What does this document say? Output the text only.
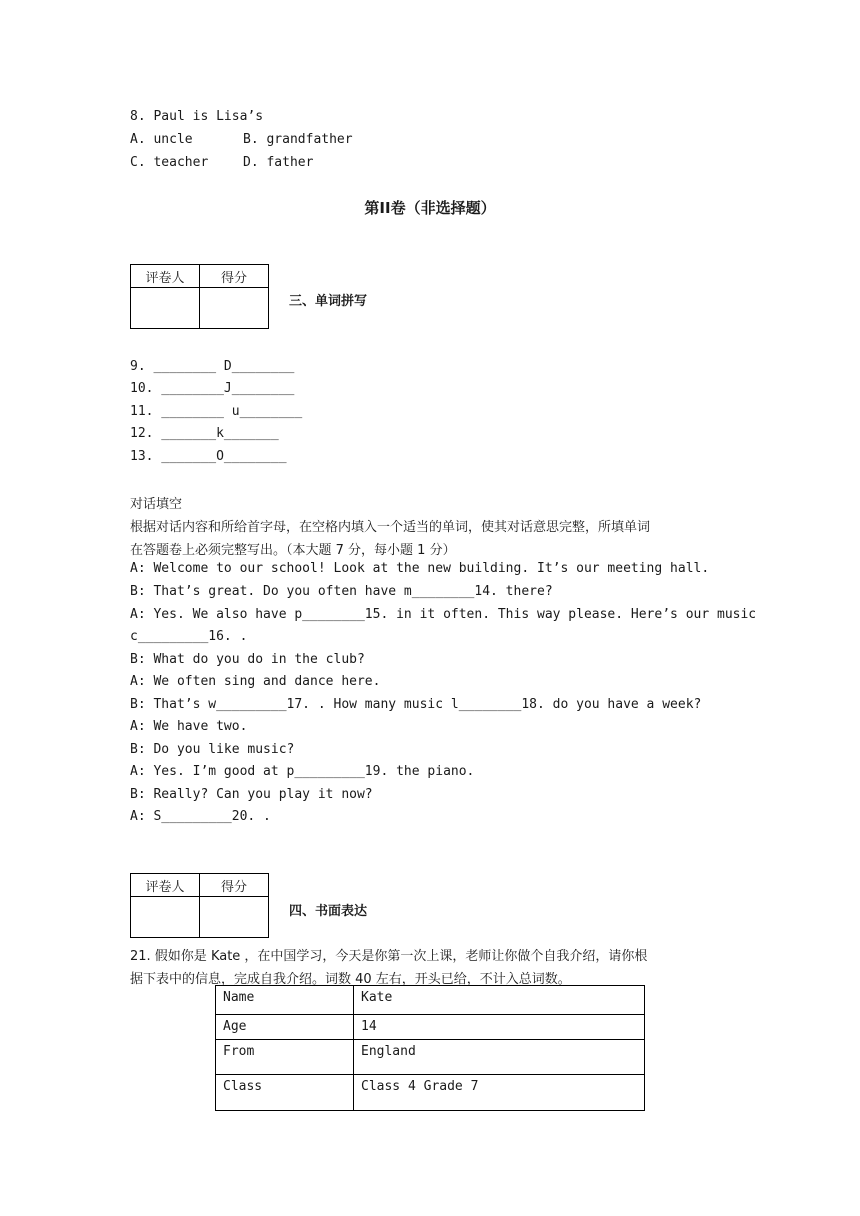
8. Paul is Lisa’s
A. uncle	B. grandfather
C. teacher	D. father
第II卷（非选择题）
评卷人	得分

三、单词拼写
9. ________ D________
10. ________J________
11. ________ u________
12. _______k_______
13. _______O________
对话填空
根据对话内容和所给首字母，在空格内填入一个适当的单词，使其对话意思完整，所填单词
在答题卷上必须完整写出。（本大题 7 分，每小题 1 分）
A: Welcome to our school! Look at the new building. It’s our meeting hall.
B: That’s great. Do you often have m________14. there?
A: Yes. We also have p________15. in it often. This way please. Here’s our music
c_________16. .
B: What do you do in the club?
A: We often sing and dance here.
B: That’s w_________17. . How many music l________18. do you have a week?
A: We have two.
B: Do you like music?
A: Yes. I’m good at p_________19. the piano.
B: Really? Can you play it now?
A: S_________20. .
评卷人	得分

四、书面表达
21. 假如你是 Kate ，在中国学习，今天是你第一次上课，老师让你做个自我介绍，请你根
据下表中的信息，完成自我介绍。词数 40 左右，开头已给，不计入总词数。
Name	Kate
Age	14
From	England
Class	Class 4 Grade 7
